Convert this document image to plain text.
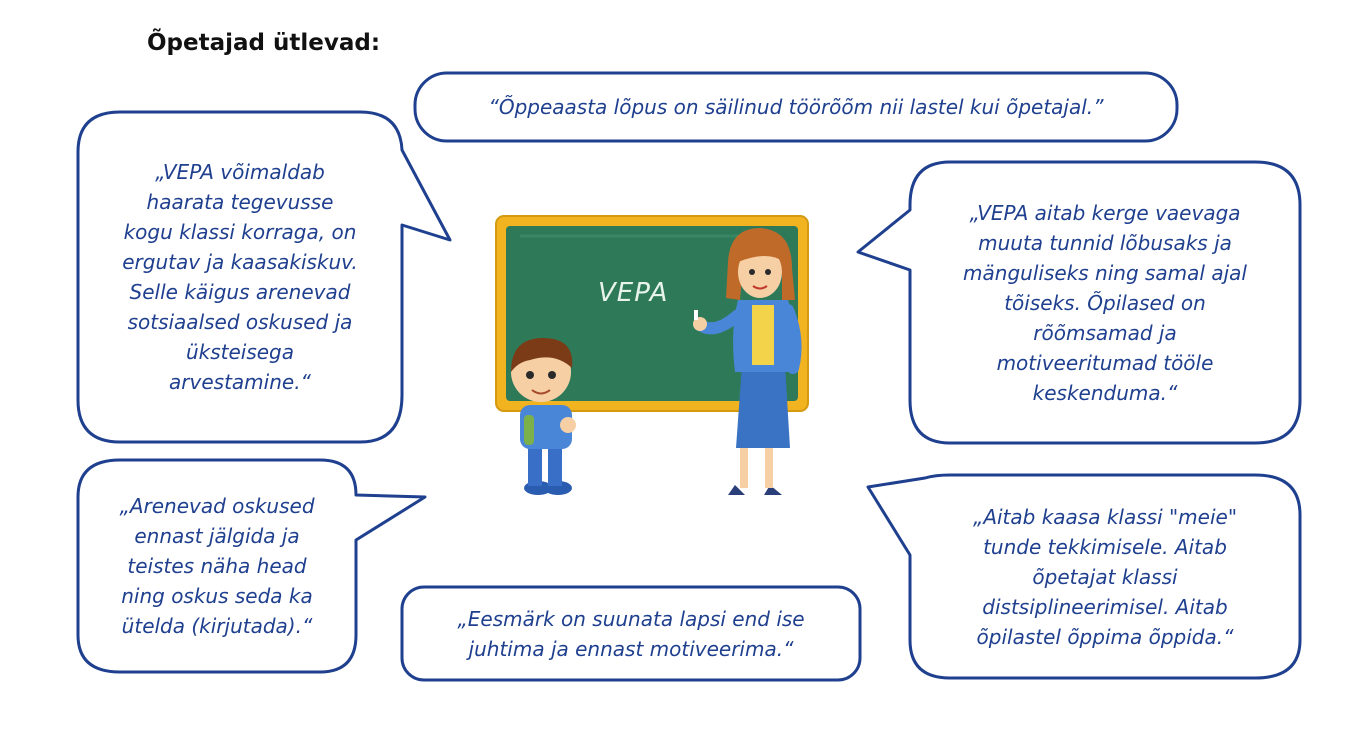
Õpetajad ütlevad:
VEPA
“Õppeaasta lõpus on säilinud töörõõm nii lastel kui õpetajal.”
„VEPA võimaldab
haarata tegevusse
kogu klassi korraga, on
ergutav ja kaasakiskuv.
Selle käigus arenevad
sotsiaalsed oskused ja
üksteisega
arvestamine.“
„VEPA aitab kerge vaevaga
muuta tunnid lõbusaks ja
mänguliseks ning samal ajal
tõiseks. Õpilased on
rõõmsamad ja
motiveeritumad tööle
keskenduma.“
„Arenevad oskused
ennast jälgida ja
teistes näha head
ning oskus seda ka
ütelda (kirjutada).“	„Eesmärk on suunata lapsi end ise
juhtima ja ennast motiveerima.“
„Aitab kaasa klassi "meie"
tunde tekkimisele. Aitab
õpetajat klassi
distsiplineerimisel. Aitab
õpilastel õppima õppida.“
